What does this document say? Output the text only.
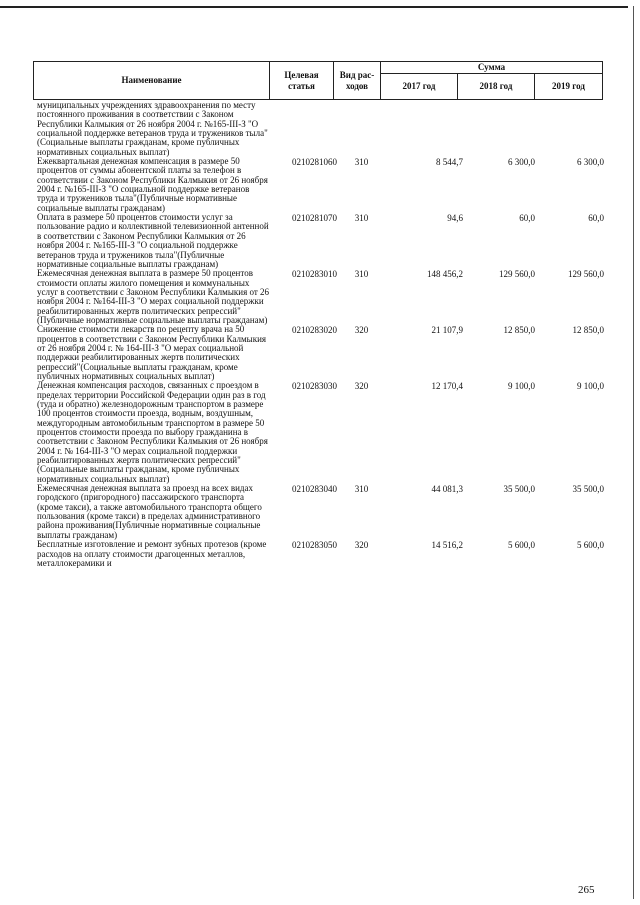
Наименование	Целевая статья	Вид рас-ходов	Сумма		
			2017 год	2018 год	2019 год
муниципальных учреждениях здравоохранения по месту постоянного проживания в соответствии с Законом Республики Калмыкия от 26 ноября 2004 г. №165-III-З "О социальной поддержке ветеранов труда и тружеников тыла"(Социальные выплаты гражданам, кроме публичных нормативных социальных выплат)
Ежеквартальная денежная компенсация в размере 50 процентов от суммы абонентской платы за телефон в соответствии с Законом Республики Калмыкия от 26 ноября 2004 г. №165-III-З "О социальной поддержке ветеранов труда и тружеников тыла"(Публичные нормативные социальные выплаты гражданам)
0210281060	310	8 544,7	6 300,0	6 300,0
Оплата в размере 50 процентов стоимости услуг за пользование радио и коллективной телевизионной антенной в соответствии с Законом Республики Калмыкия от 26 ноября 2004 г. №165-III-З "О социальной поддержке ветеранов труда и тружеников тыла"(Публичные нормативные социальные выплаты гражданам)
0210281070	310	94,6	60,0	60,0
Ежемесячная денежная выплата в размере 50 процентов стоимости оплаты жилого помещения и коммунальных услуг в соответствии с Законом Республики Калмыкия от 26 ноября 2004 г. №164-III-З "О мерах социальной поддержки реабилитированных жертв политических репрессий"(Публичные нормативные социальные выплаты гражданам)
0210283010	310	148 456,2	129 560,0	129 560,0
Снижение стоимости лекарств по рецепту врача на 50 процентов в соответствии с Законом Республики Калмыкия от 26 ноября 2004 г. № 164-III-З "О мерах социальной поддержки реабилитированных жертв политических репрессий"(Социальные выплаты гражданам, кроме публичных нормативных социальных выплат)
0210283020	320	21 107,9	12 850,0	12 850,0
Денежная компенсация расходов, связанных с проездом в пределах территории Российской Федерации один раз в год (туда и обратно) железнодорожным транспортом в размере 100 процентов стоимости проезда, водным, воздушным, междугородным автомобильным транспортом в размере 50 процентов стоимости проезда по выбору гражданина в соответствии с Законом Республики Калмыкия от 26 ноября 2004 г. № 164-III-З "О мерах социальной поддержки реабилитированных жертв политических репрессий"(Социальные выплаты гражданам, кроме публичных нормативных социальных выплат)
0210283030	320	12 170,4	9 100,0	9 100,0
Ежемесячная денежная выплата за проезд на всех видах городского (пригородного) пассажирского транспорта (кроме такси), а также автомобильного транспорта общего пользования (кроме такси) в пределах административного района проживания(Публичные нормативные социальные выплаты гражданам)
0210283040	310	44 081,3	35 500,0	35 500,0
Бесплатные изготовление и ремонт зубных протезов (кроме расходов на оплату стоимости драгоценных металлов, металлокерамики и
0210283050	320	14 516,2	5 600,0	5 600,0
265
